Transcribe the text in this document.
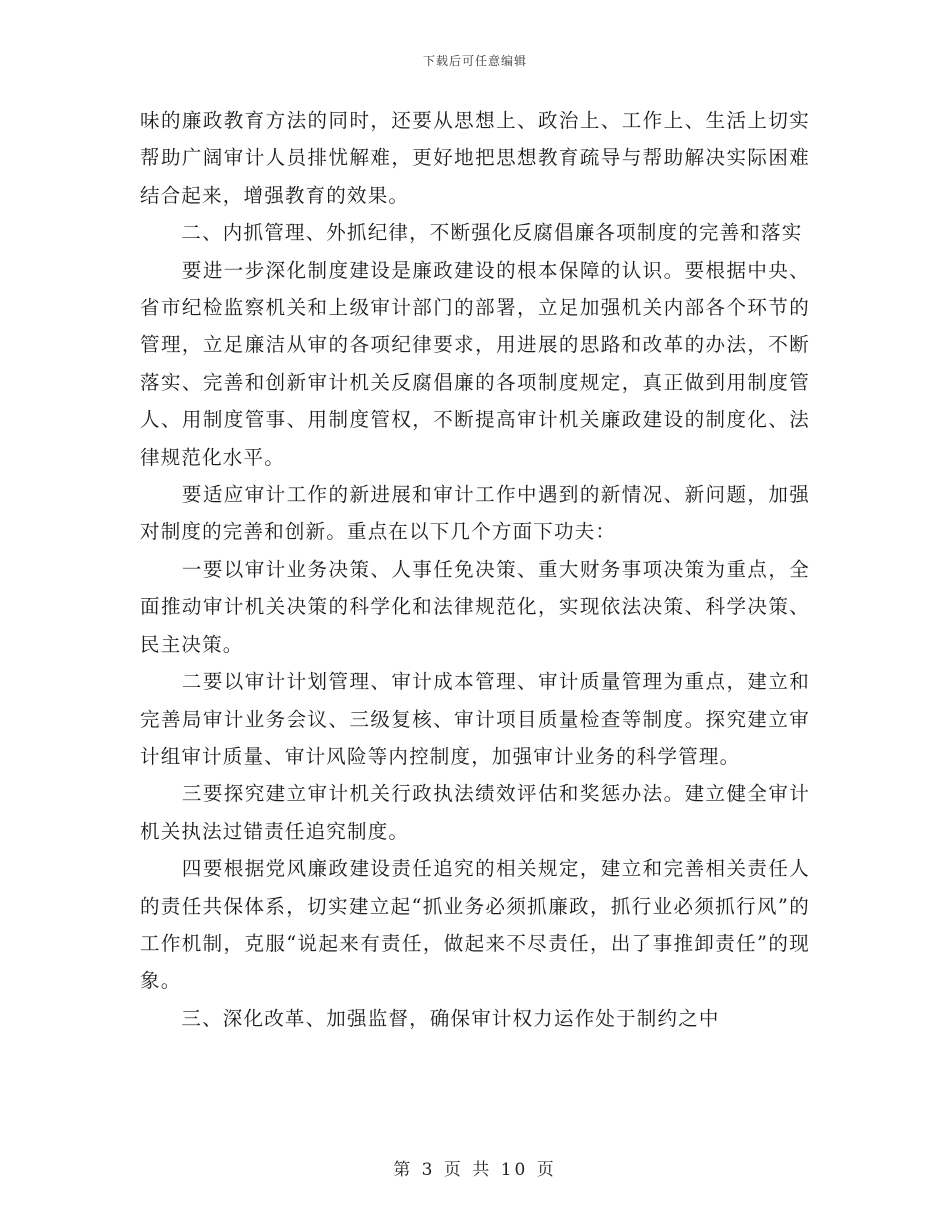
下载后可任意编辑

味的廉政教育方法的同时，还要从思想上、政治上、工作上、生活上切实帮助广阔审计人员排忧解难，更好地把思想教育疏导与帮助解决实际困难结合起来，增强教育的效果。

　　二、内抓管理、外抓纪律，不断强化反腐倡廉各项制度的完善和落实

　　要进一步深化制度建设是廉政建设的根本保障的认识。要根据中央、省市纪检监察机关和上级审计部门的部署，立足加强机关内部各个环节的管理，立足廉洁从审的各项纪律要求，用进展的思路和改革的办法，不断落实、完善和创新审计机关反腐倡廉的各项制度规定，真正做到用制度管人、用制度管事、用制度管权，不断提高审计机关廉政建设的制度化、法律规范化水平。

　　要适应审计工作的新进展和审计工作中遇到的新情况、新问题，加强对制度的完善和创新。重点在以下几个方面下功夫：

　　一要以审计业务决策、人事任免决策、重大财务事项决策为重点，全面推动审计机关决策的科学化和法律规范化，实现依法决策、科学决策、民主决策。

　　二要以审计计划管理、审计成本管理、审计质量管理为重点，建立和完善局审计业务会议、三级复核、审计项目质量检查等制度。探究建立审计组审计质量、审计风险等内控制度，加强审计业务的科学管理。

　　三要探究建立审计机关行政执法绩效评估和奖惩办法。建立健全审计机关执法过错责任追究制度。

　　四要根据党风廉政建设责任追究的相关规定，建立和完善相关责任人的责任共保体系，切实建立起“抓业务必须抓廉政，抓行业必须抓行风”的工作机制，克服“说起来有责任，做起来不尽责任，出了事推卸责任”的现象。

　　三、深化改革、加强监督，确保审计权力运作处于制约之中

第 3 页 共 10 页
